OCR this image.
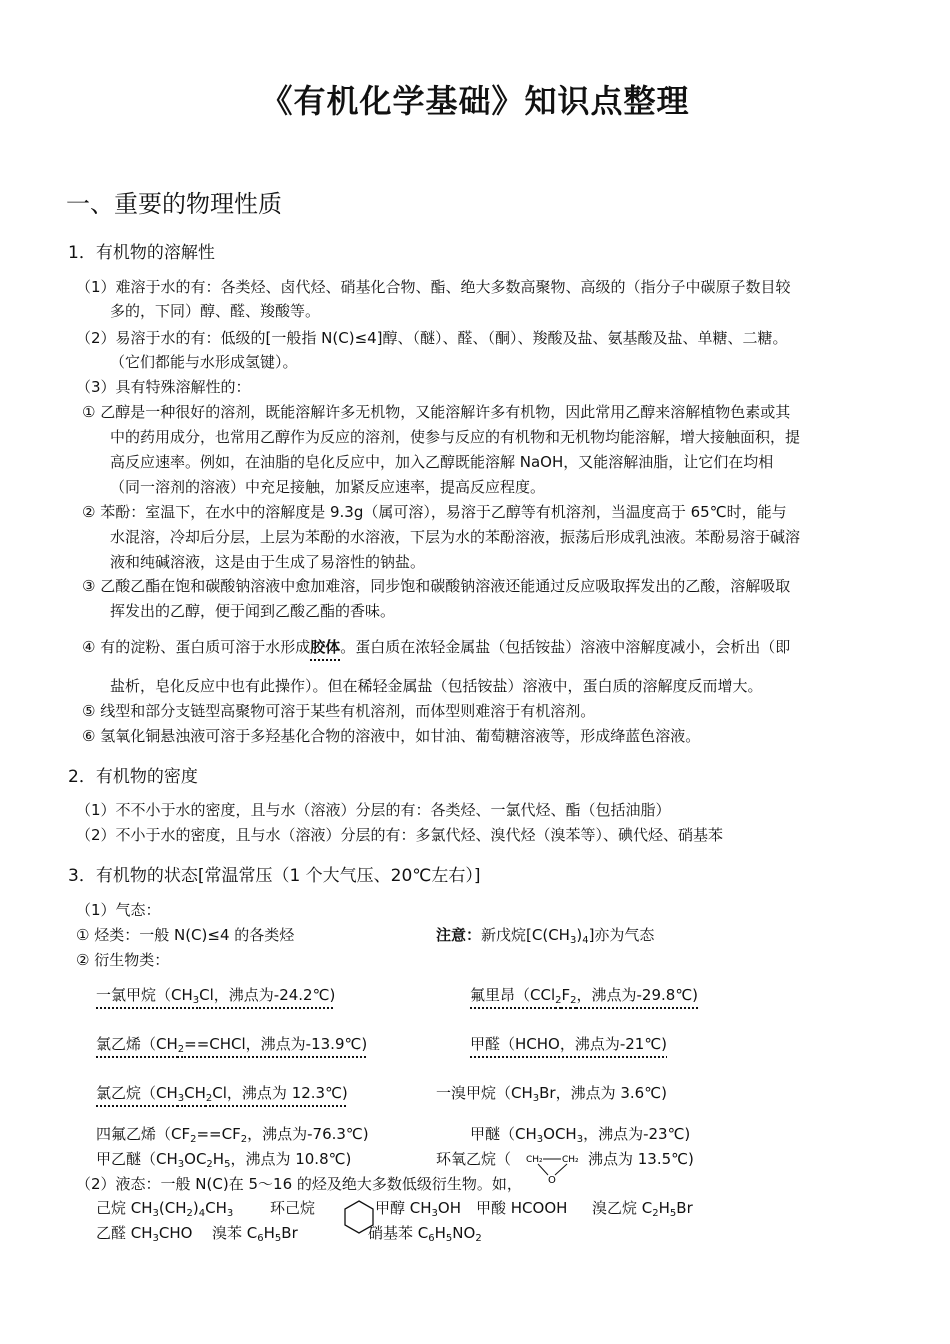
《有机化学基础》知识点整理
一、重要的物理性质
1．有机物的溶解性
（1）难溶于水的有：各类烃、卤代烃、硝基化合物、酯、绝大多数高聚物、高级的（指分子中碳原子数目较
多的，下同）醇、醛、羧酸等。
（2）易溶于水的有：低级的[一般指 N(C)≤4]醇、（醚）、醛、（酮）、羧酸及盐、氨基酸及盐、单糖、二糖。
（它们都能与水形成氢键）。
（3）具有特殊溶解性的：
① 乙醇是一种很好的溶剂，既能溶解许多无机物，又能溶解许多有机物，因此常用乙醇来溶解植物色素或其
中的药用成分，也常用乙醇作为反应的溶剂，使参与反应的有机物和无机物均能溶解，增大接触面积，提
高反应速率。例如，在油脂的皂化反应中，加入乙醇既能溶解 NaOH，又能溶解油脂，让它们在均相
（同一溶剂的溶液）中充足接触，加紧反应速率，提高反应程度。
② 苯酚：室温下，在水中的溶解度是 9.3g（属可溶），易溶于乙醇等有机溶剂，当温度高于 65℃时，能与
水混溶，冷却后分层，上层为苯酚的水溶液，下层为水的苯酚溶液，振荡后形成乳浊液。苯酚易溶于碱溶
液和纯碱溶液，这是由于生成了易溶性的钠盐。
③ 乙酸乙酯在饱和碳酸钠溶液中愈加难溶，同步饱和碳酸钠溶液还能通过反应吸取挥发出的乙酸，溶解吸取
挥发出的乙醇，便于闻到乙酸乙酯的香味。
④ 有的淀粉、蛋白质可溶于水形成胶体。蛋白质在浓轻金属盐（包括铵盐）溶液中溶解度减小，会析出（即
盐析，皂化反应中也有此操作）。但在稀轻金属盐（包括铵盐）溶液中，蛋白质的溶解度反而增大。
⑤ 线型和部分支链型高聚物可溶于某些有机溶剂，而体型则难溶于有机溶剂。
⑥ 氢氧化铜悬浊液可溶于多羟基化合物的溶液中，如甘油、葡萄糖溶液等，形成绛蓝色溶液。
2．有机物的密度
（1）不不小于水的密度，且与水（溶液）分层的有：各类烃、一氯代烃、酯（包括油脂）
（2）不小于水的密度，且与水（溶液）分层的有：多氯代烃、溴代烃（溴苯等）、碘代烃、硝基苯
3．有机物的状态[常温常压（1 个大气压、20℃左右）]
（1）气态：
① 烃类：一般 N(C)≤4 的各类烃	注意：新戊烷$[C(CH_3)_4]$亦为气态
② 衍生物类：
一氯甲烷（$CH_3Cl$，沸点为-24.2℃)	氟里昂（$CCl_2F_2$，沸点为-29.8℃)
氯乙烯（$CH_2==CHCl$，沸点为-13.9℃)	甲醛（HCHO，沸点为-21℃)
氯乙烷（$CH_3CH_2Cl$，沸点为 12.3℃)	一溴甲烷（$CH_3Br$，沸点为 3.6℃)
四氟乙烯（$CF_2==CF_2$，沸点为-76.3℃)	甲醚（$CH_3OCH_3$，沸点为-23℃)
甲乙醚（$CH_3OC_2H_5$，沸点为 10.8℃)	环氧乙烷（ CH₂ CH₂
O
沸点为 13.5℃)
（2）液态：一般 N(C)在 5～16 的烃及绝大多数低级衍生物。如，
己烷 $CH_3(CH_2)_4CH_3$ 环己烷	甲醇 $CH_3OH$ 甲酸 HCOOH 溴乙烷 $C_2H_5Br$
乙醛 $CH_3CHO$ 溴苯 $C_6H_5Br$	硝基苯 $C_6H_5NO_2$
